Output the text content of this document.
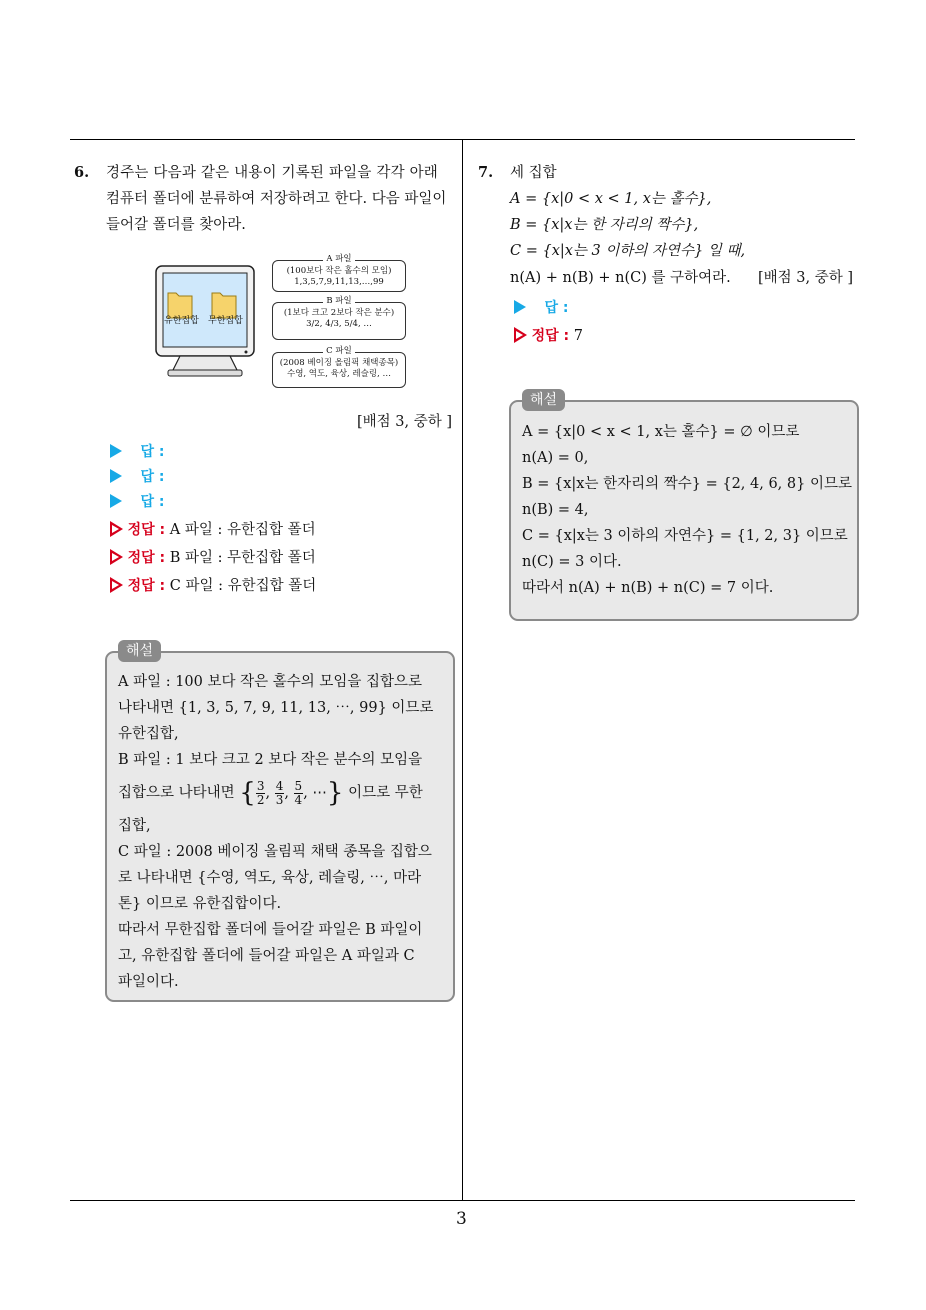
6. 경주는 다음과 같은 내용이 기록된 파일을 각각 아래
컴퓨터 폴더에 분류하여 저장하려고 한다. 다음 파일이
들어갈 폴더를 찾아라.
유한집합 무한집합
A 파일
(100보다 작은 홀수의 모임)
1,3,5,7,9,11,13,…,99
B 파일
(1보다 크고 2보다 작은 분수)
3/2, 4/3, 5/4, …
C 파일
(2008 베이징 올림픽 채택종목)
수영, 역도, 육상, 레슬링, …
[배점 3, 중하 ]
답 :
답 :
답 :
정답 : A 파일 : 유한집합 폴더
정답 : B 파일 : 무한집합 폴더
정답 : C 파일 : 유한집합 폴더
해설
A 파일 : 100 보다 작은 홀수의 모임을 집합으로
나타내면 {1, 3, 5, 7, 9, 11, 13, ⋯, 99} 이므로
유한집합,
B 파일 : 1 보다 크고 2 보다 작은 분수의 모임을
집합으로 나타내면 { $\frac{3}{2}$ , $\frac{4}{3}$ , $\frac{5}{4}$ , ⋯} 이므로 무한
집합,
C 파일 : 2008 베이징 올림픽 채택 종목을 집합으
로 나타내면 {수영, 역도, 육상, 레슬링, ⋯, 마라
톤} 이므로 유한집합이다.
따라서 무한집합 폴더에 들어갈 파일은 B 파일이
고, 유한집합 폴더에 들어갈 파일은 A 파일과 C
파일이다.
7. 세 집합
A = {x|0 < x < 1, x는 홀수},
B = {x|x는 한 자리의 짝수},
C = {x|x는 3 이하의 자연수} 일 때,
n(A) + n(B) + n(C) 를 구하여라. [배점 3, 중하 ]
답 :
정답 : 7
해설
A = {x|0 < x < 1, x는 홀수} = ∅ 이므로
n(A) = 0,
B = {x|x는 한자리의 짝수} = {2, 4, 6, 8} 이므로
n(B) = 4,
C = {x|x는 3 이하의 자연수} = {1, 2, 3} 이므로
n(C) = 3 이다.
따라서 n(A) + n(B) + n(C) = 7 이다.
3
